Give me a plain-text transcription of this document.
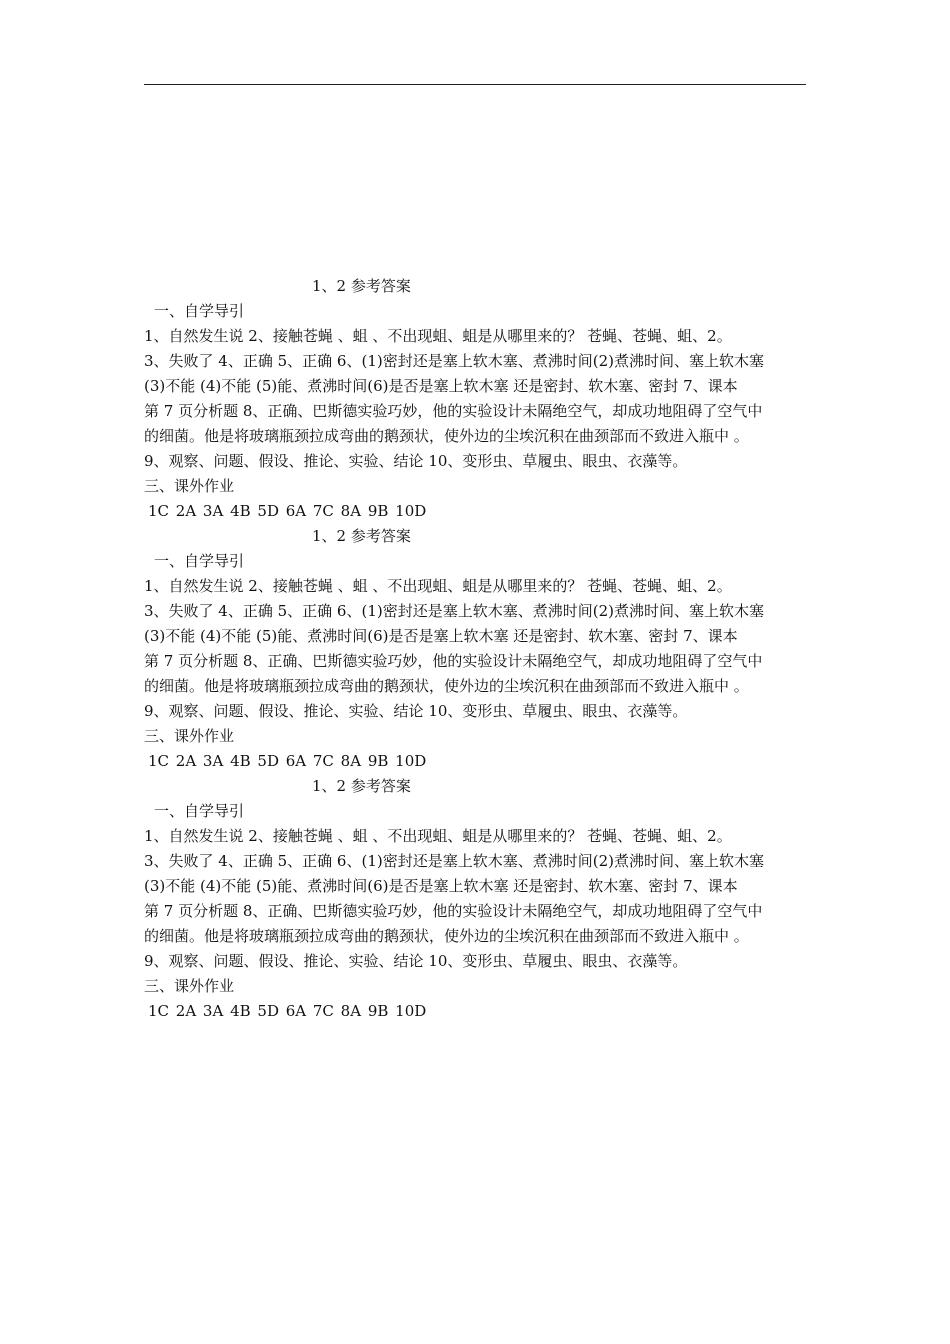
1、2 参考答案
一、自学导引
1、自然发生说 2、接触苍蝇 、蛆 、不出现蛆、蛆是从哪里来的？ 苍蝇、苍蝇、蛆、2。
3、失败了 4、正确 5、正确 6、(1)密封还是塞上软木塞、煮沸时间(2)煮沸时间、塞上软木塞
(3)不能 (4)不能 (5)能、煮沸时间(6)是否是塞上软木塞 还是密封、软木塞、密封 7、课本
第 7 页分析题 8、正确、巴斯德实验巧妙，他的实验设计未隔绝空气，却成功地阻碍了空气中
的细菌。他是将玻璃瓶颈拉成弯曲的鹅颈状，使外边的尘埃沉积在曲颈部而不致进入瓶中 。
9、观察、问题、假设、推论、实验、结论 10、变形虫、草履虫、眼虫、衣藻等。
三、课外作业
1C 2A 3A 4B 5D 6A 7C 8A 9B 10D
1、2 参考答案
一、自学导引
1、自然发生说 2、接触苍蝇 、蛆 、不出现蛆、蛆是从哪里来的？ 苍蝇、苍蝇、蛆、2。
3、失败了 4、正确 5、正确 6、(1)密封还是塞上软木塞、煮沸时间(2)煮沸时间、塞上软木塞
(3)不能 (4)不能 (5)能、煮沸时间(6)是否是塞上软木塞 还是密封、软木塞、密封 7、课本
第 7 页分析题 8、正确、巴斯德实验巧妙，他的实验设计未隔绝空气，却成功地阻碍了空气中
的细菌。他是将玻璃瓶颈拉成弯曲的鹅颈状，使外边的尘埃沉积在曲颈部而不致进入瓶中 。
9、观察、问题、假设、推论、实验、结论 10、变形虫、草履虫、眼虫、衣藻等。
三、课外作业
1C 2A 3A 4B 5D 6A 7C 8A 9B 10D
1、2 参考答案
一、自学导引
1、自然发生说 2、接触苍蝇 、蛆 、不出现蛆、蛆是从哪里来的？ 苍蝇、苍蝇、蛆、2。
3、失败了 4、正确 5、正确 6、(1)密封还是塞上软木塞、煮沸时间(2)煮沸时间、塞上软木塞
(3)不能 (4)不能 (5)能、煮沸时间(6)是否是塞上软木塞 还是密封、软木塞、密封 7、课本
第 7 页分析题 8、正确、巴斯德实验巧妙，他的实验设计未隔绝空气，却成功地阻碍了空气中
的细菌。他是将玻璃瓶颈拉成弯曲的鹅颈状，使外边的尘埃沉积在曲颈部而不致进入瓶中 。
9、观察、问题、假设、推论、实验、结论 10、变形虫、草履虫、眼虫、衣藻等。
三、课外作业
1C 2A 3A 4B 5D 6A 7C 8A 9B 10D
